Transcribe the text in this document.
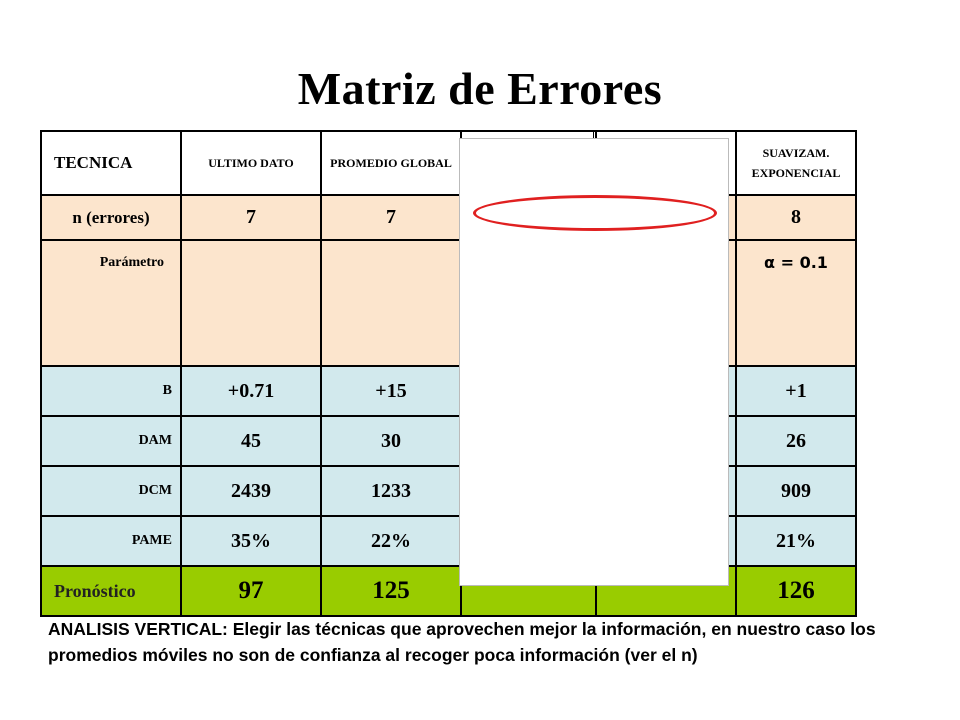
Matriz de Errores
TECNICA	ULTIMO DATO	PROMEDIO GLOBAL			SUAVIZAM. EXPONENCIAL
n (errores)	7	7			8
Parámetro					α = 0.1
B	+0.71	+15			+1
DAM	45	30			26
DCM	2439	1233			909
PAME	35%	22%			21%
Pronóstico	97	125			126
ANALISIS VERTICAL: Elegir las técnicas que aprovechen mejor la información, en nuestro caso los promedios móviles no son de confianza al recoger poca información (ver el n)
